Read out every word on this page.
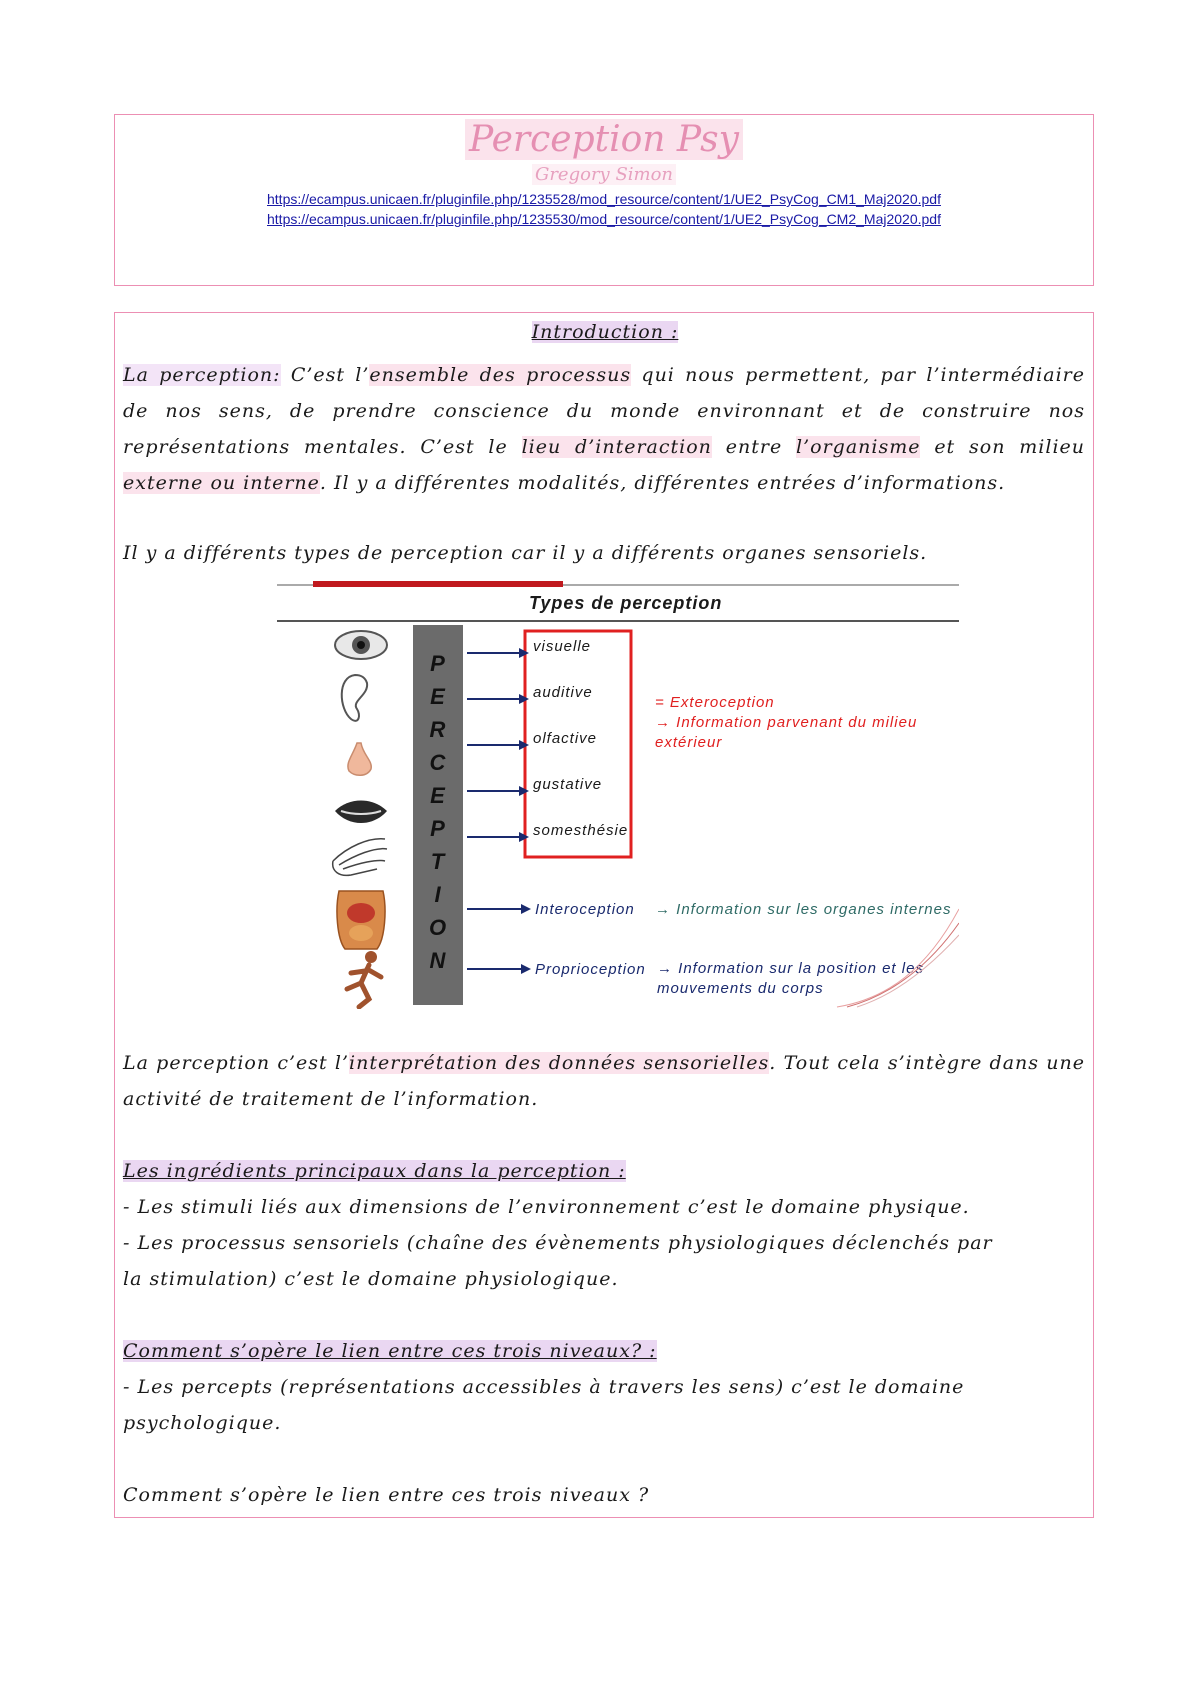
Perception Psy
Gregory Simon
https://ecampus.unicaen.fr/pluginfile.php/1235528/mod_resource/content/1/UE2_PsyCog_CM1_Maj2020.pdf
https://ecampus.unicaen.fr/pluginfile.php/1235530/mod_resource/content/1/UE2_PsyCog_CM2_Maj2020.pdf
Introduction :

La perception: C’est l’ensemble des processus qui nous permettent, par l’intermédiaire de nos sens, de prendre conscience du monde environnant et de construire nos représentations mentales. C’est le lieu d’interaction entre l’organisme et son milieu externe ou interne. Il y a différentes modalités, différentes entrées d’informations.

Il y a différents types de perception car il y a différents organes sensoriels.

Types de perception
P
E
R
C
E
P
T
I
O
N
visuelle
auditive
olfactive
gustative
somesthésie
= Exteroception
→ Information parvenant du milieu
extérieur
Interoception → Information sur les organes internes
Proprioception → Information sur la position et les
mouvements du corps

La perception c’est l’interprétation des données sensorielles. Tout cela s’intègre dans une activité de traitement de l’information.

Les ingrédients principaux dans la perception :

- Les stimuli liés aux dimensions de l’environnement c’est le domaine physique.

- Les processus sensoriels (chaîne des évènements physiologiques déclenchés par la stimulation) c’est le domaine physiologique.

Comment s’opère le lien entre ces trois niveaux? :

- Les percepts (représentations accessibles à travers les sens) c’est le domaine psychologique.

Comment s’opère le lien entre ces trois niveaux ?
